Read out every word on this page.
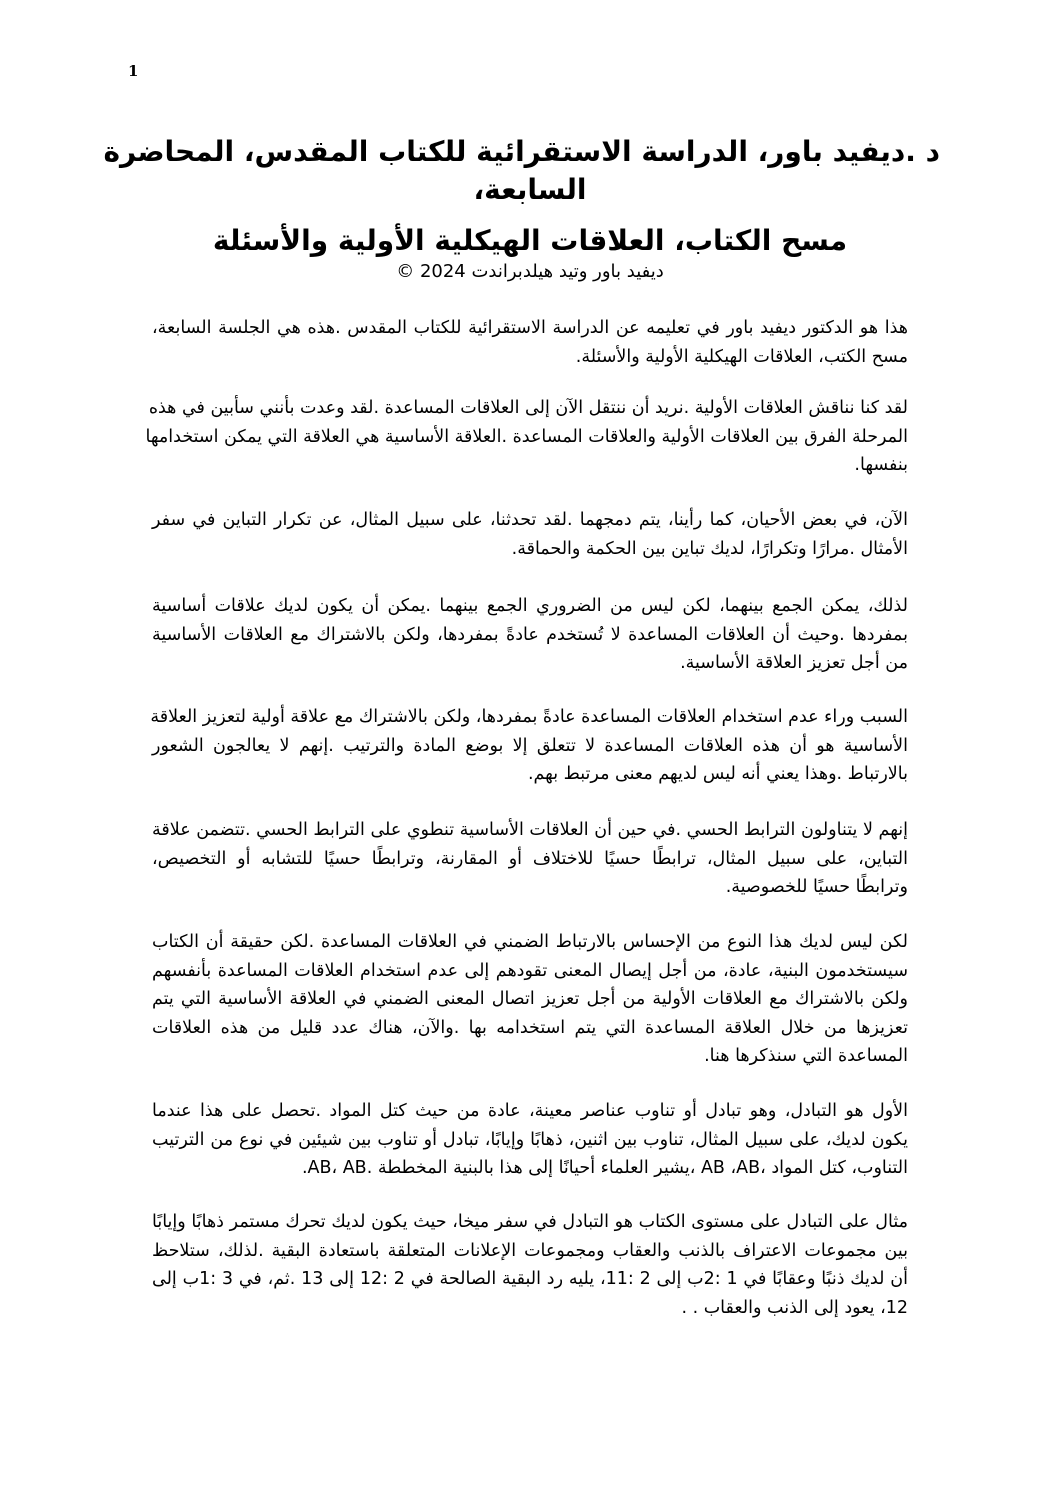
1
د .ديفيد باور، الدراسة الاستقرائية للكتاب المقدس، المحاضرة
السابعة،
مسح الكتاب، العلاقات الهيكلية الأولية والأسئلة
ديفيد باور وتيد هيلدبراندت 2024 ©
هذا هو الدكتور ديفيد باور في تعليمه عن الدراسة الاستقرائية للكتاب المقدس .هذه هي الجلسة السابعة،
مسح الكتب، العلاقات الهيكلية الأولية والأسئلة.
لقد كنا نناقش العلاقات الأولية .نريد أن ننتقل الآن إلى العلاقات المساعدة .لقد وعدت بأنني سأبين في هذه
المرحلة الفرق بين العلاقات الأولية والعلاقات المساعدة .العلاقة الأساسية هي العلاقة التي يمكن استخدامها
بنفسها.
الآن، في بعض الأحيان، كما رأينا، يتم دمجهما .لقد تحدثنا، على سبيل المثال، عن تكرار التباين في سفر
الأمثال .مرارًا وتكرارًا، لديك تباين بين الحكمة والحماقة.
لذلك، يمكن الجمع بينهما، لكن ليس من الضروري الجمع بينهما .يمكن أن يكون لديك علاقات أساسية
بمفردها .وحيث أن العلاقات المساعدة لا تُستخدم عادةً بمفردها، ولكن بالاشتراك مع العلاقات الأساسية
من أجل تعزيز العلاقة الأساسية.
السبب وراء عدم استخدام العلاقات المساعدة عادةً بمفردها، ولكن بالاشتراك مع علاقة أولية لتعزيز العلاقة
الأساسية هو أن هذه العلاقات المساعدة لا تتعلق إلا بوضع المادة والترتيب .إنهم لا يعالجون الشعور
بالارتباط .وهذا يعني أنه ليس لديهم معنى مرتبط بهم.
إنهم لا يتناولون الترابط الحسي .في حين أن العلاقات الأساسية تنطوي على الترابط الحسي .تتضمن علاقة
التباين، على سبيل المثال، ترابطًا حسيًا للاختلاف أو المقارنة، وترابطًا حسيًا للتشابه أو التخصيص،
وترابطًا حسيًا للخصوصية.
لكن ليس لديك هذا النوع من الإحساس بالارتباط الضمني في العلاقات المساعدة .لكن حقيقة أن الكتاب
سيستخدمون البنية، عادة، من أجل إيصال المعنى تقودهم إلى عدم استخدام العلاقات المساعدة بأنفسهم
ولكن بالاشتراك مع العلاقات الأولية من أجل تعزيز اتصال المعنى الضمني في العلاقة الأساسية التي يتم
تعزيزها من خلال العلاقة المساعدة التي يتم استخدامه بها .والآن، هناك عدد قليل من هذه العلاقات
المساعدة التي سنذكرها هنا.
الأول هو التبادل، وهو تبادل أو تناوب عناصر معينة، عادة من حيث كتل المواد .تحصل على هذا عندما
يكون لديك، على سبيل المثال، تناوب بين اثنين، ذهابًا وإيابًا، تبادل أو تناوب بين شيئين في نوع من الترتيب
التناوب، كتل المواد ،AB ،AB ،يشير العلماء أحيانًا إلى هذا بالبنية المخططة .AB، AB.
مثال على التبادل على مستوى الكتاب هو التبادل في سفر ميخا، حيث يكون لديك تحرك مستمر ذهابًا وإيابًا
بين مجموعات الاعتراف بالذنب والعقاب ومجموعات الإعلانات المتعلقة باستعادة البقية .لذلك، ستلاحظ
أن لديك ذنبًا وعقابًا في 1 :2ب إلى 2 :11، يليه رد البقية الصالحة في 2 :12 إلى 13 .ثم، في 3 :1ب إلى
12، يعود إلى الذنب والعقاب . .
